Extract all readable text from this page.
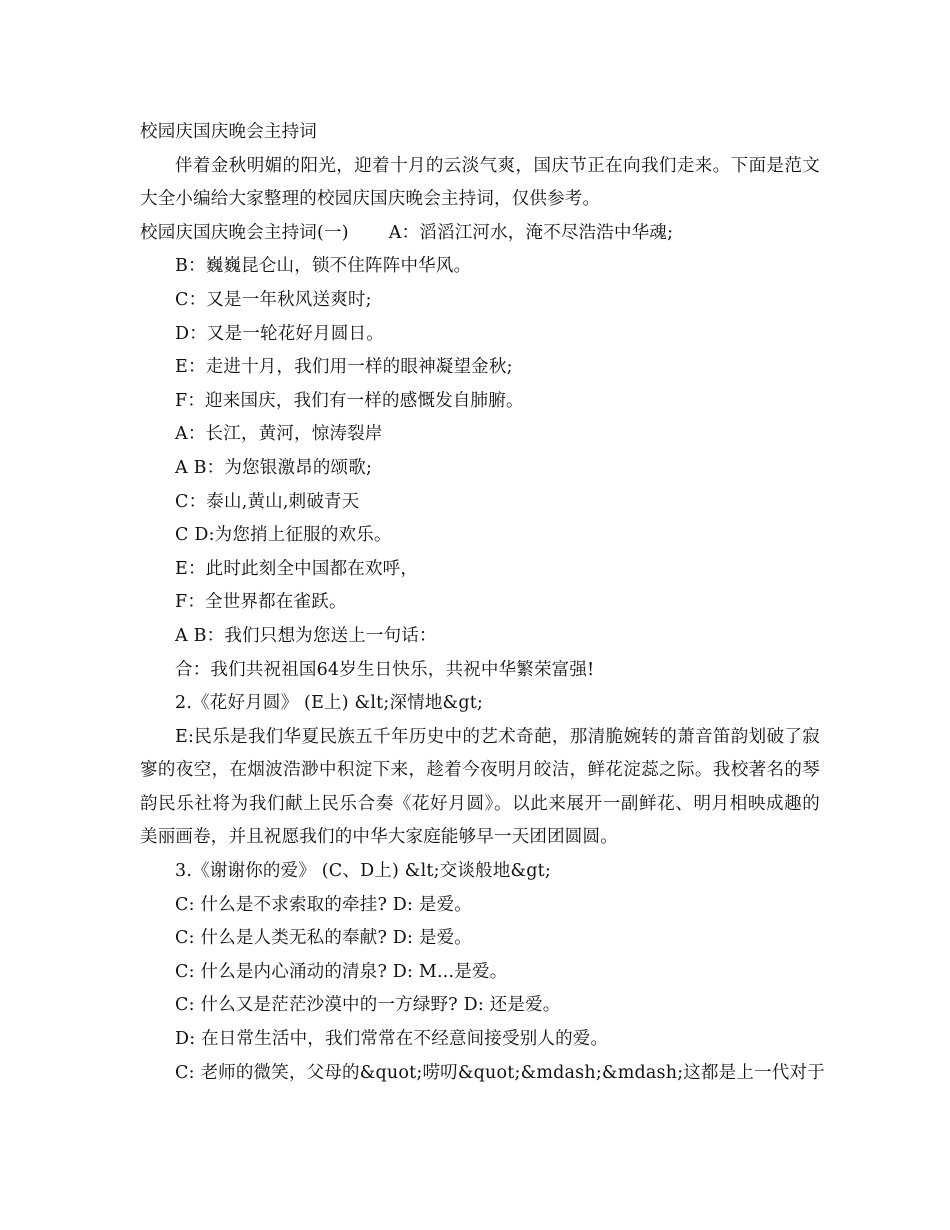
校园庆国庆晚会主持词

伴着金秋明媚的阳光，迎着十月的云淡气爽，国庆节正在向我们走来。下面是范文大全小编给大家整理的校园庆国庆晚会主持词，仅供参考。

校园庆国庆晚会主持词(一) A：滔滔江河水，淹不尽浩浩中华魂;

B：巍巍昆仑山，锁不住阵阵中华风。

C：又是一年秋风送爽时;

D：又是一轮花好月圆日。

E：走进十月，我们用一样的眼神凝望金秋;

F：迎来国庆，我们有一样的感慨发自肺腑。

A：长江，黄河，惊涛裂岸

A B：为您银激昂的颂歌;

C：泰山,黄山,刺破青天

C D:为您捎上征服的欢乐。

E：此时此刻全中国都在欢呼，

F：全世界都在雀跃。

A B：我们只想为您送上一句话：

合：我们共祝祖国64岁生日快乐，共祝中华繁荣富强!

2.《花好月圆》 (E上) &lt;深情地&gt;

E:民乐是我们华夏民族五千年历史中的艺术奇葩，那清脆婉转的萧音笛韵划破了寂寥的夜空，在烟波浩渺中积淀下来，趁着今夜明月皎洁，鲜花淀蕊之际。我校著名的琴韵民乐社将为我们献上民乐合奏《花好月圆》。以此来展开一副鲜花、明月相映成趣的美丽画卷，并且祝愿我们的中华大家庭能够早一天团团圆圆。

3.《谢谢你的爱》 (C、D上) &lt;交谈般地&gt;

C: 什么是不求索取的牵挂? D: 是爱。

C: 什么是人类无私的奉献? D: 是爱。

C: 什么是内心涌动的清泉? D: M...是爱。

C: 什么又是茫茫沙漠中的一方绿野? D: 还是爱。

D: 在日常生活中，我们常常在不经意间接受别人的爱。

C: 老师的微笑，父母的&quot;唠叨&quot;&mdash;&mdash;这都是上一代对于
